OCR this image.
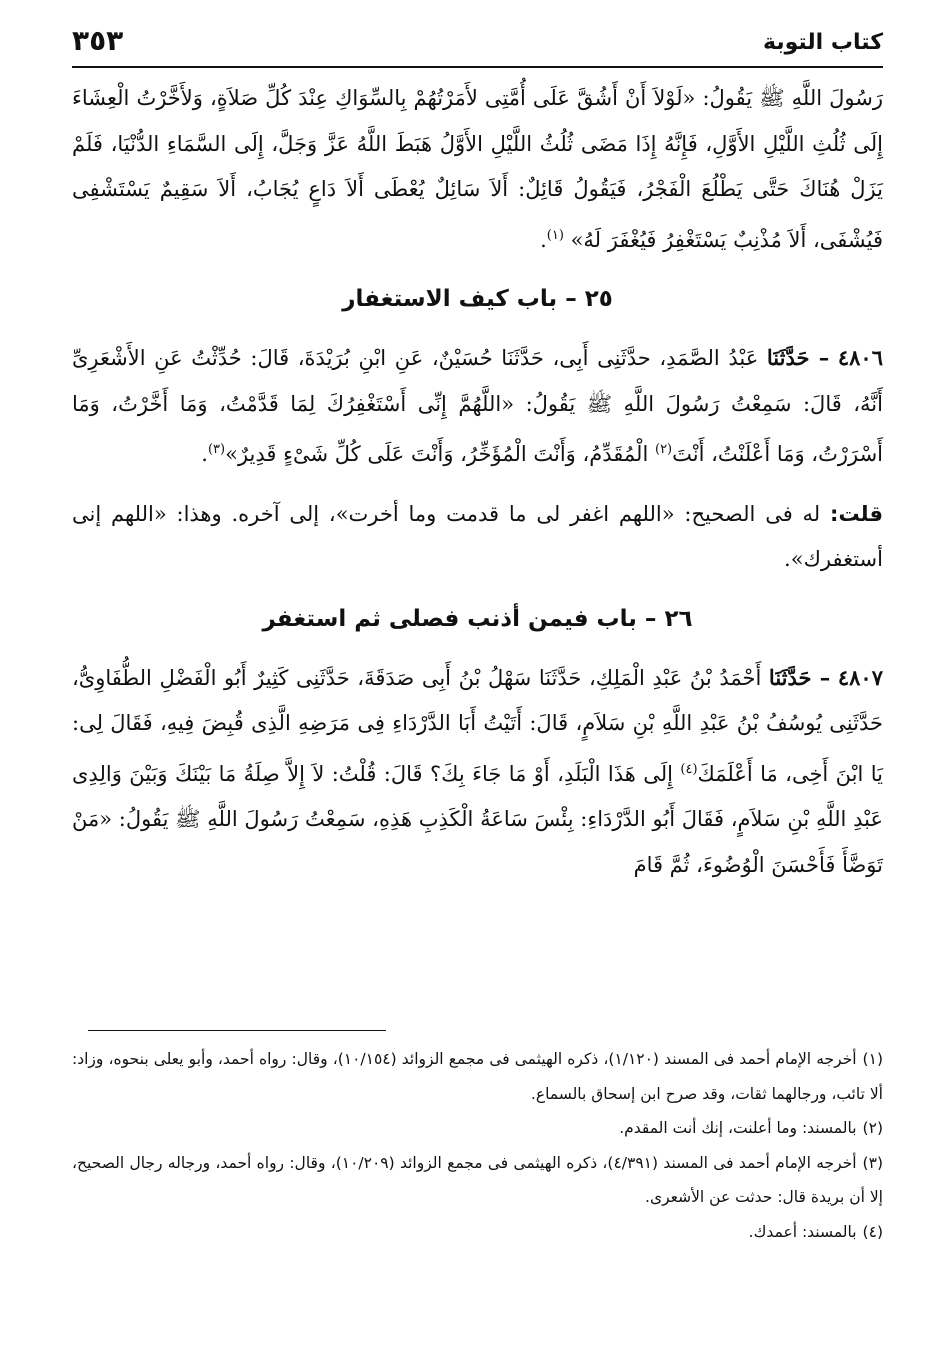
كتاب التوبة
٣٥٣

رَسُولَ اللَّهِ ﷺ يَقُولُ: «لَوْلاَ أَنْ أَشُقَّ عَلَى أُمَّتِى لأَمَرْتُهُمْ بِالسِّوَاكِ عِنْدَ كُلِّ صَلاَةٍ، وَلأَخَّرْتُ الْعِشَاءَ إِلَى ثُلُثِ اللَّيْلِ الأَوَّلِ، فَإِنَّهُ إِذَا مَضَى ثُلُثُ اللَّيْلِ الأَوَّلُ هَبَطَ اللَّهُ عَزَّ وَجَلَّ، إِلَى السَّمَاءِ الدُّنْيَا، فَلَمْ يَزَلْ هُنَاكَ حَتَّى يَطْلُعَ الْفَجْرُ، فَيَقُولُ قَائِلٌ: أَلاَ سَائِلٌ يُعْطَى أَلاَ دَاعٍ يُجَابُ، أَلاَ سَقِيمٌ يَسْتَشْفِى فَيُشْفَى، أَلاَ مُذْنِبٌ يَسْتَغْفِرُ فَيُغْفَرَ لَهُ» $^{(١)}$.

٢٥ – باب كيف الاستغفار

٤٨٠٦ – حَدَّثَنَا عَبْدُ الصَّمَدِ، حدَّثَنِى أَبِى، حَدَّثَنَا حُسَيْنٌ، عَنِ ابْنِ بُرَيْدَةَ، قَالَ: حُدِّثْتُ عَنِ الأَشْعَرِىِّ أَنَّهُ، قَالَ: سَمِعْتُ رَسُولَ اللَّهِ ﷺ يَقُولُ: «اللَّهُمَّ إِنِّى أَسْتَغْفِرُكَ لِمَا قَدَّمْتُ، وَمَا أَخَّرْتُ، وَمَا أَسْرَرْتُ، وَمَا أَعْلَنْتُ، أَنْتَ$^{(٢)}$ الْمُقَدِّمُ، وَأَنْتَ الْمُؤَخِّرُ، وَأَنْتَ عَلَى كُلِّ شَىْءٍ قَدِيرٌ»$^{(٣)}$.

قلت: له فى الصحيح: «اللهم اغفر لى ما قدمت وما أخرت»، إلى آخره. وهذا: «اللهم إنى أستغفرك».

٢٦ – باب فيمن أذنب فصلى ثم استغفر

٤٨٠٧ – حَدَّثَنَا أَحْمَدُ بْنُ عَبْدِ الْمَلِكِ، حَدَّثَنَا سَهْلُ بْنُ أَبِى صَدَقَةَ، حَدَّثَنِى كَثِيرٌ أَبُو الْفَضْلِ الطُّفَاوِىُّ، حَدَّثَنِى يُوسُفُ بْنُ عَبْدِ اللَّهِ بْنِ سَلاَمٍ، قَالَ: أَتَيْتُ أَبَا الدَّرْدَاءِ فِى مَرَضِهِ الَّذِى قُبِضَ فِيهِ، فَقَالَ لِى: يَا ابْنَ أَخِى، مَا أَعْلَمَكَ$^{(٤)}$ إِلَى هَذَا الْبَلَدِ، أَوْ مَا جَاءَ بِكَ؟ قَالَ: قُلْتُ: لاَ إِلاَّ صِلَةُ مَا بَيْنَكَ وَبَيْنَ وَالِدِى عَبْدِ اللَّهِ بْنِ سَلاَمٍ، فَقَالَ أَبُو الدَّرْدَاءِ: بِئْسَ سَاعَةُ الْكَذِبِ هَذِهِ، سَمِعْتُ رَسُولَ اللَّهِ ﷺ يَقُولُ: «مَنْ تَوَضَّأَ فَأَحْسَنَ الْوُضُوءَ، ثُمَّ قَامَ

(١)أخرجه الإمام أحمد فى المسند (١/١٢٠)، ذكره الهيثمى فى مجمع الزوائد (١٠/١٥٤)، وقال: رواه أحمد، وأبو يعلى بنحوه، وزاد: ألا تائب، ورجالهما ثقات، وقد صرح ابن إسحاق بالسماع.

(٢)بالمسند: وما أعلنت، إنك أنت المقدم.

(٣)أخرجه الإمام أحمد فى المسند (٤/٣٩١)، ذكره الهيثمى فى مجمع الزوائد (١٠/٢٠٩)، وقال: رواه أحمد، ورجاله رجال الصحيح، إلا أن بريدة قال: حدثت عن الأشعرى.

(٤)بالمسند: أعمدك.
